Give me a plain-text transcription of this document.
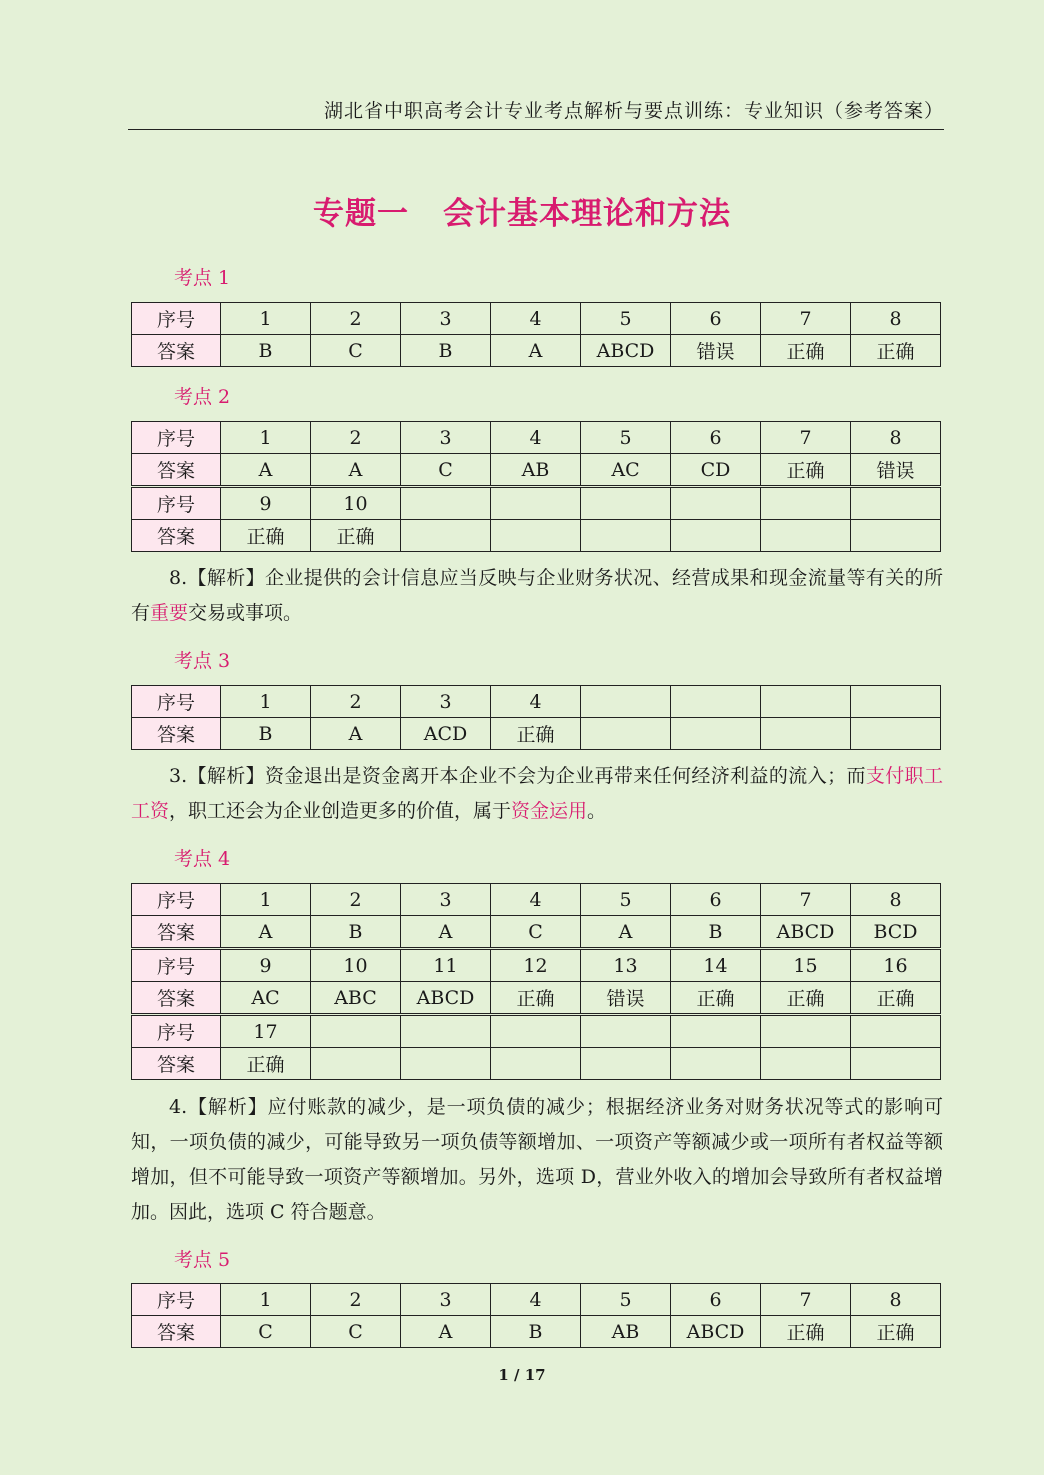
湖北省中职高考会计专业考点解析与要点训练：专业知识（参考答案）
专题一 会计基本理论和方法
考点 1
序号	1	2	3	4	5	6	7	8
答案	B	C	B	A	ABCD	错误	正确	正确
考点 2
序号	1	2	3	4	5	6	7	8
答案	A	A	C	AB	AC	CD	正确	错误
序号	9	10						
答案	正确	正确						
8.【解析】企业提供的会计信息应当反映与企业财务状况、经营成果和现金流量等有关的所有重要交易或事项。
考点 3
序号	1	2	3	4				
答案	B	A	ACD	正确				
3.【解析】资金退出是资金离开本企业不会为企业再带来任何经济利益的流入；而支付职工工资，职工还会为企业创造更多的价值，属于资金运用。
考点 4
序号	1	2	3	4	5	6	7	8
答案	A	B	A	C	A	B	ABCD	BCD
序号	9	10	11	12	13	14	15	16
答案	AC	ABC	ABCD	正确	错误	正确	正确	正确
序号	17							
答案	正确							
4.【解析】应付账款的减少，是一项负债的减少；根据经济业务对财务状况等式的影响可知，一项负债的减少，可能导致另一项负债等额增加、一项资产等额减少或一项所有者权益等额增加，但不可能导致一项资产等额增加。另外，选项 D，营业外收入的增加会导致所有者权益增加。因此，选项 C 符合题意。
考点 5
序号	1	2	3	4	5	6	7	8
答案	C	C	A	B	AB	ABCD	正确	正确
1 / 17
